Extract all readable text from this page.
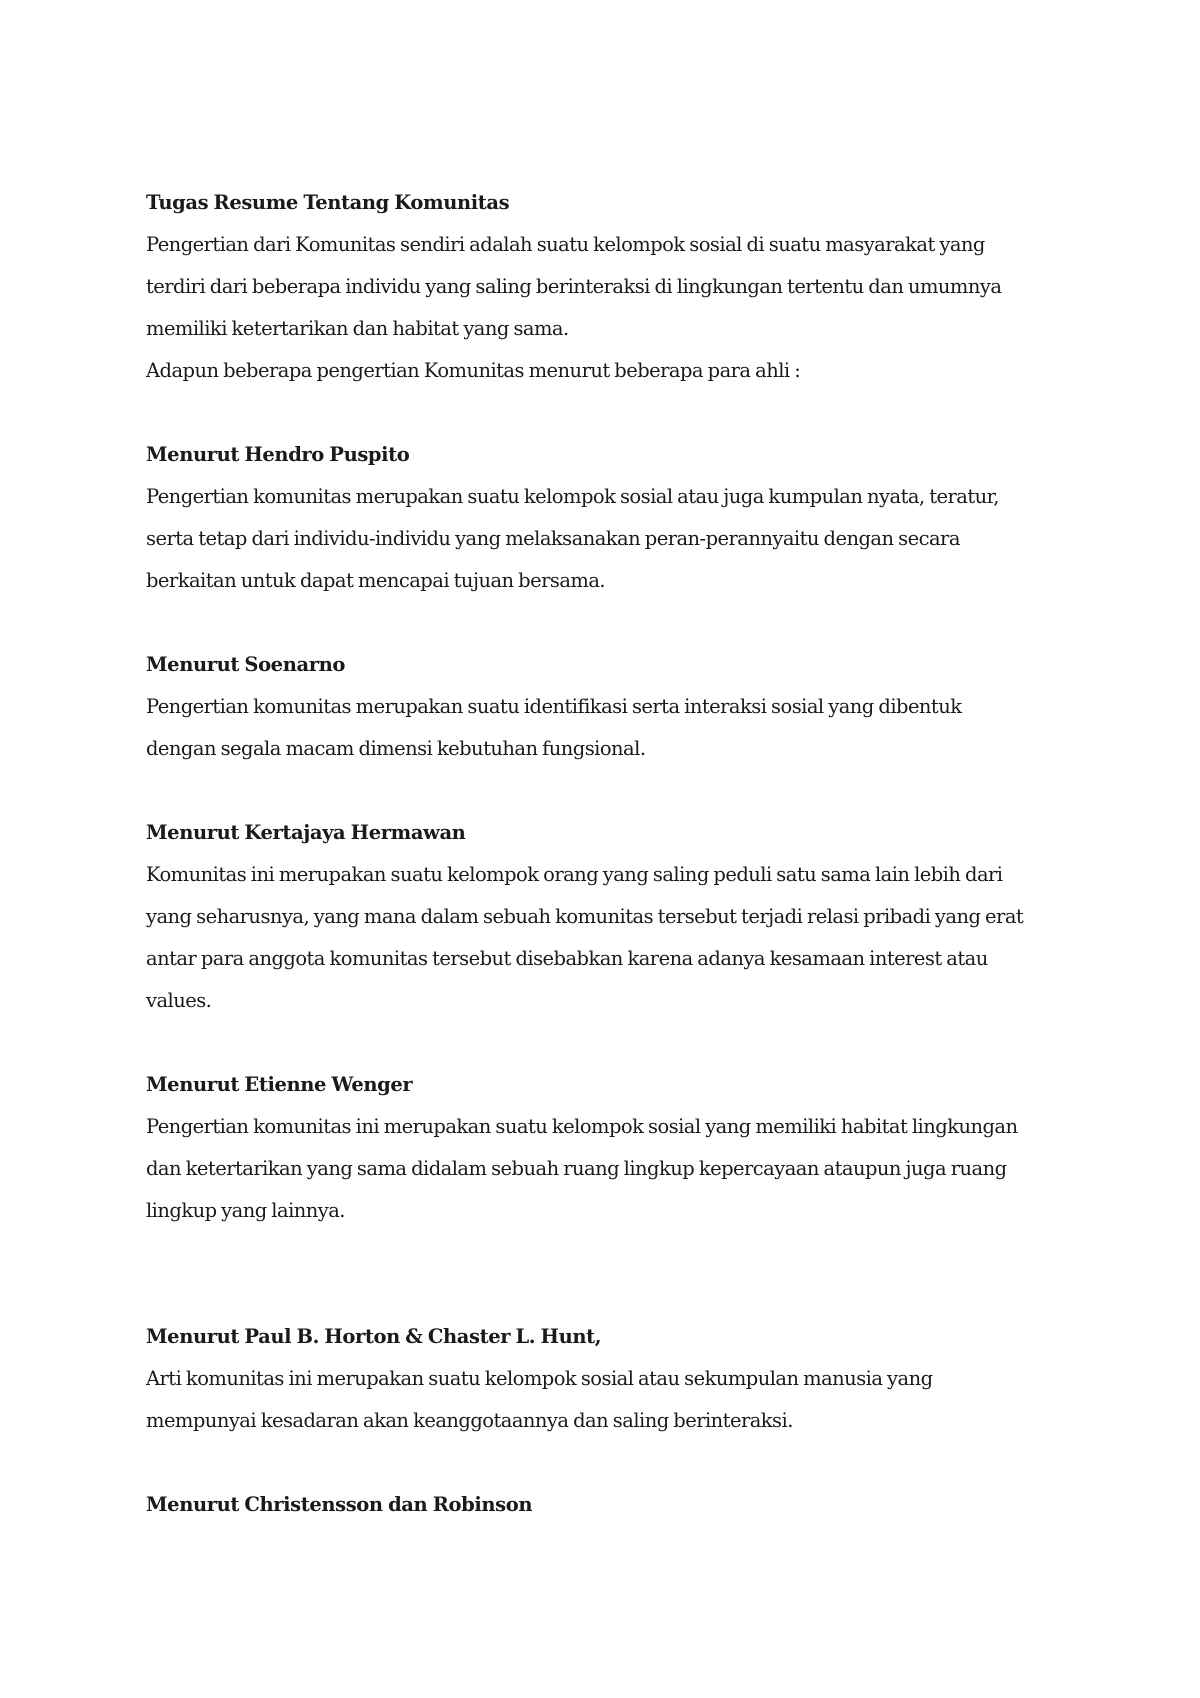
Tugas Resume Tentang Komunitas

Pengertian dari Komunitas sendiri adalah suatu kelompok sosial di suatu masyarakat yang

terdiri dari beberapa individu yang saling berinteraksi di lingkungan tertentu dan umumnya

memiliki ketertarikan dan habitat yang sama.

Adapun beberapa pengertian Komunitas menurut beberapa para ahli :

Menurut Hendro Puspito

Pengertian komunitas merupakan suatu kelompok sosial atau juga kumpulan nyata, teratur,

serta tetap dari individu-individu yang melaksanakan peran-perannyaitu dengan secara

berkaitan untuk dapat mencapai tujuan bersama.

Menurut Soenarno

Pengertian komunitas merupakan suatu identifikasi serta interaksi sosial yang dibentuk

dengan segala macam dimensi kebutuhan fungsional.

Menurut Kertajaya Hermawan

Komunitas ini merupakan suatu kelompok orang yang saling peduli satu sama lain lebih dari

yang seharusnya, yang mana dalam sebuah komunitas tersebut terjadi relasi pribadi yang erat

antar para anggota komunitas tersebut disebabkan karena adanya kesamaan interest atau

values.

Menurut Etienne Wenger

Pengertian komunitas ini merupakan suatu kelompok sosial yang memiliki habitat lingkungan

dan ketertarikan yang sama didalam sebuah ruang lingkup kepercayaan ataupun juga ruang

lingkup yang lainnya.

Menurut Paul B. Horton & Chaster L. Hunt,

Arti komunitas ini merupakan suatu kelompok sosial atau sekumpulan manusia yang

mempunyai kesadaran akan keanggotaannya dan saling berinteraksi.

Menurut Christensson dan Robinson
